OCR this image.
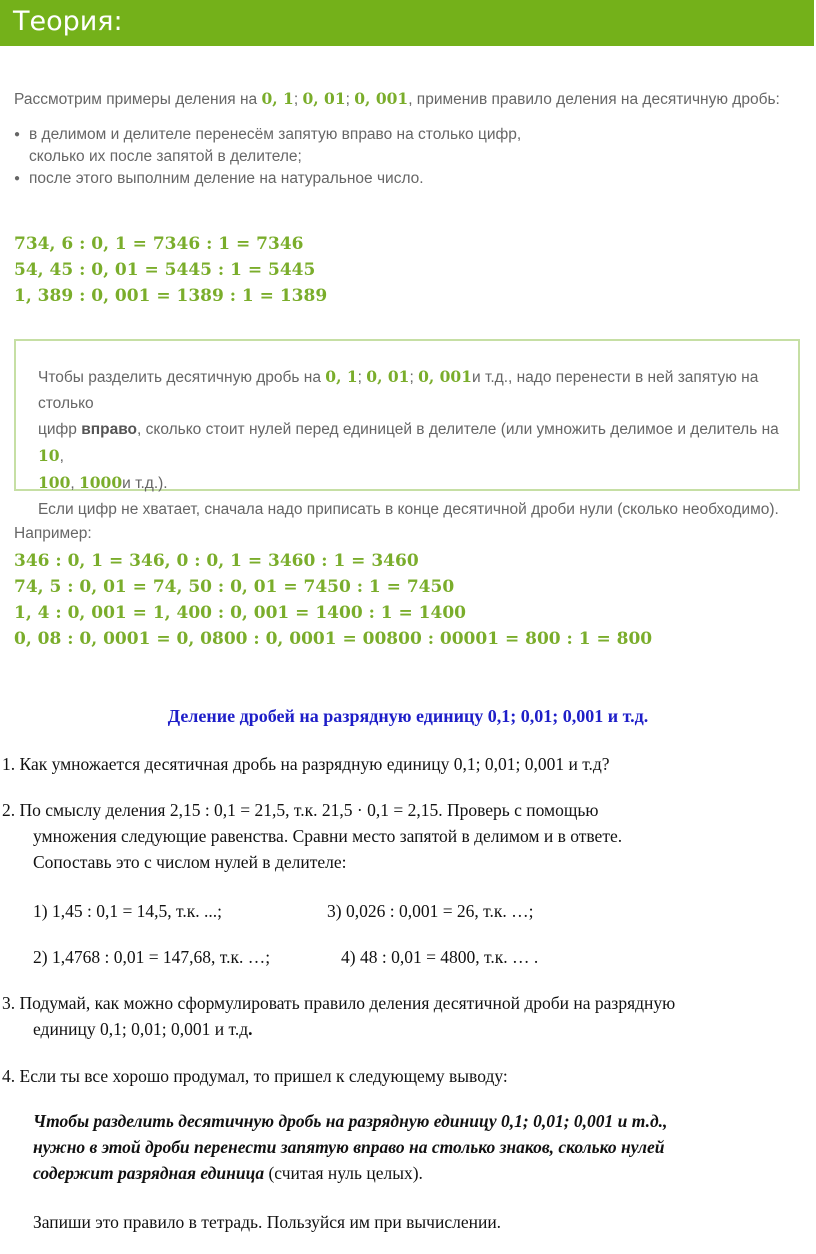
Теория:
Рассмотрим примеры деления на 0, 1; 0, 01; 0, 001, применив правило деления на десятичную дробь:
● в делимом и делителе перенесём запятую вправо на столько цифр,
сколько их после запятой в делителе;
● после этого выполним деление на натуральное число.
734, 6 : 0, 1 = 7346 : 1 = 7346
54, 45 : 0, 01 = 5445 : 1 = 5445
1, 389 : 0, 001 = 1389 : 1 = 1389
Чтобы разделить десятичную дробь на 0, 1; 0, 01; 0, 001и т.д., надо перенести в ней запятую на столько
цифр вправо, сколько стоит нулей перед единицей в делителе (или умножить делимое и делитель на 10,
100, 1000и т.д.).
Если цифр не хватает, сначала надо приписать в конце десятичной дроби нули (сколько необходимо).
Например:
346 : 0, 1 = 346, 0 : 0, 1 = 3460 : 1 = 3460
74, 5 : 0, 01 = 74, 50 : 0, 01 = 7450 : 1 = 7450
1, 4 : 0, 001 = 1, 400 : 0, 001 = 1400 : 1 = 1400
0, 08 : 0, 0001 = 0, 0800 : 0, 0001 = 00800 : 00001 = 800 : 1 = 800
Деление дробей на разрядную единицу 0,1; 0,01; 0,001 и т.д.
1. Как умножается десятичная дробь на разрядную единицу 0,1; 0,01; 0,001 и т.д?
2. По смыслу деления 2,15 : 0,1 = 21,5, т.к. 21,5 · 0,1 = 2,15. Проверь с помощью
умножения следующие равенства. Сравни место запятой в делимом и в ответе.
Сопоставь это с числом нулей в делителе:
1) 1,45 : 0,1 = 14,5, т.к. ...;	3) 0,026 : 0,001 = 26, т.к. …;
2) 1,4768 : 0,01 = 147,68, т.к. …;	4) 48 : 0,01 = 4800, т.к. … .
3. Подумай, как можно сформулировать правило деления десятичной дроби на разрядную
единицу 0,1; 0,01; 0,001 и т.д.
4. Если ты все хорошо продумал, то пришел к следующему выводу:
Чтобы разделить десятичную дробь на разрядную единицу 0,1; 0,01; 0,001 и т.д.,
нужно в этой дроби перенести запятую вправо на столько знаков, сколько нулей
содержит разрядная единица (считая нуль целых).
Запиши это правило в тетрадь. Пользуйся им при вычислении.
